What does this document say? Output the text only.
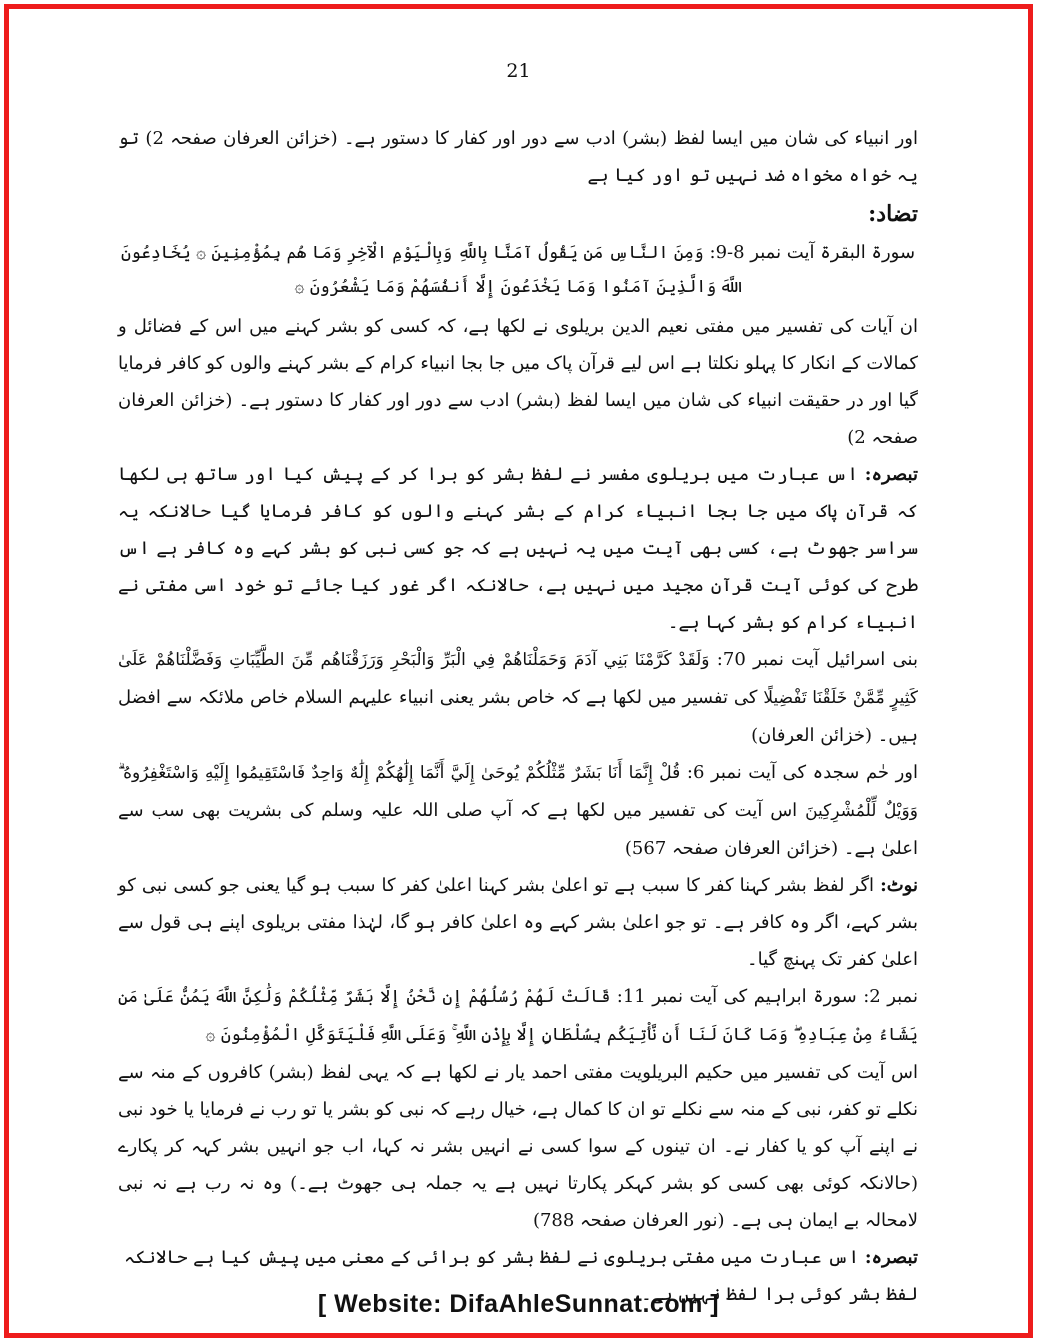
21

اور انبیاء کی شان میں ایسا لفظ (بشر) ادب سے دور اور کفار کا دستور ہے۔ (خزائن العرفان صفحہ 2) تو یہ خواہ مخواہ ضد نہیں تو اور کیا ہے

تضاد:

سورۃ البقرۃ آیت نمبر 8-9: وَمِنَ النَّاسِ مَن يَقُولُ آمَنَّا بِاللَّهِ وَبِالْيَوْمِ الْآخِرِ وَمَا هُم بِمُؤْمِنِينَ ۞ يُخَادِعُونَ اللَّهَ وَالَّذِينَ آمَنُوا وَمَا يَخْدَعُونَ إِلَّا أَنفُسَهُمْ وَمَا يَشْعُرُونَ ۞

ان آیات کی تفسیر میں مفتی نعیم الدین بریلوی نے لکھا ہے، کہ کسی کو بشر کہنے میں اس کے فضائل و کمالات کے انکار کا پہلو نکلتا ہے اس لیے قرآن پاک میں جا بجا انبیاء کرام کے بشر کہنے والوں کو کافر فرمایا گیا اور در حقیقت انبیاء کی شان میں ایسا لفظ (بشر) ادب سے دور اور کفار کا دستور ہے۔ (خزائن العرفان صفحہ 2)

تبصرہ: اس عبارت میں بریلوی مفسر نے لفظ بشر کو برا کر کے پیش کیا اور ساتھ ہی لکھا کہ قرآن پاک میں جا بجا انبیاء کرام کے بشر کہنے والوں کو کافر فرمایا گیا حالانکہ یہ سراسر جھوٹ ہے، کسی بھی آیت میں یہ نہیں ہے کہ جو کسی نبی کو بشر کہے وہ کافر ہے اس طرح کی کوئی آیت قرآن مجید میں نہیں ہے، حالانکہ اگر غور کیا جائے تو خود اسی مفتی نے انبیاء کرام کو بشر کہا ہے۔

بنی اسرائیل آیت نمبر 70: وَلَقَدْ كَرَّمْنَا بَنِي آدَمَ وَحَمَلْنَاهُمْ فِي الْبَرِّ وَالْبَحْرِ وَرَزَقْنَاهُم مِّنَ الطَّيِّبَاتِ وَفَضَّلْنَاهُمْ عَلَىٰ كَثِيرٍ مِّمَّنْ خَلَقْنَا تَفْضِيلًا کی تفسیر میں لکھا ہے کہ خاص بشر یعنی انبیاء علیہم السلام خاص ملائکہ سے افضل ہیں۔ (خزائن العرفان)

اور حٰم سجدہ کی آیت نمبر 6: قُلْ إِنَّمَا أَنَا بَشَرٌ مِّثْلُكُمْ يُوحَىٰ إِلَيَّ أَنَّمَا إِلَٰهُكُمْ إِلَٰهٌ وَاحِدٌ فَاسْتَقِيمُوا إِلَيْهِ وَاسْتَغْفِرُوهُ ۗ وَوَيْلٌ لِّلْمُشْرِكِينَ اس آیت کی تفسیر میں لکھا ہے کہ آپ صلی اللہ علیہ وسلم کی بشریت بھی سب سے اعلیٰ ہے۔ (خزائن العرفان صفحہ 567)

نوٹ: اگر لفظ بشر کہنا کفر کا سبب ہے تو اعلیٰ بشر کہنا اعلیٰ کفر کا سبب ہو گیا یعنی جو کسی نبی کو بشر کہے، اگر وہ کافر ہے۔ تو جو اعلیٰ بشر کہے وہ اعلیٰ کافر ہو گا، لہٰذا مفتی بریلوی اپنے ہی قول سے اعلیٰ کفر تک پہنچ گیا۔

نمبر 2: سورۃ ابراہیم کی آیت نمبر 11: قَالَتْ لَهُمْ رُسُلُهُمْ إِن نَّحْنُ إِلَّا بَشَرٌ مِّثْلُكُمْ وَلَٰكِنَّ اللَّهَ يَمُنُّ عَلَىٰ مَن يَشَاءُ مِنْ عِبَادِهِ ۖ وَمَا كَانَ لَنَا أَن نَّأْتِيَكُم بِسُلْطَانٍ إِلَّا بِإِذْنِ اللَّهِ ۚ وَعَلَى اللَّهِ فَلْيَتَوَكَّلِ الْمُؤْمِنُونَ ۞

اس آیت کی تفسیر میں حکیم البریلویت مفتی احمد یار نے لکھا ہے کہ یہی لفظ (بشر) کافروں کے منہ سے نکلے تو کفر، نبی کے منہ سے نکلے تو ان کا کمال ہے، خیال رہے کہ نبی کو بشر یا تو رب نے فرمایا یا خود نبی نے اپنے آپ کو یا کفار نے۔ ان تینوں کے سوا کسی نے انہیں بشر نہ کہا، اب جو انہیں بشر کہہ کر پکارے (حالانکہ کوئی بھی کسی کو بشر کہکر پکارتا نہیں ہے یہ جملہ ہی جھوٹ ہے۔) وہ نہ رب ہے نہ نبی لامحالہ بے ایمان ہی ہے۔ (نور العرفان صفحہ 788)

تبصرہ: اس عبارت میں مفتی بریلوی نے لفظ بشر کو برائی کے معنی میں پیش کیا ہے حالانکہ لفظ بشر کوئی برا لفظ نہیں ہے۔

[ Website: DifaAhleSunnat.com ]
